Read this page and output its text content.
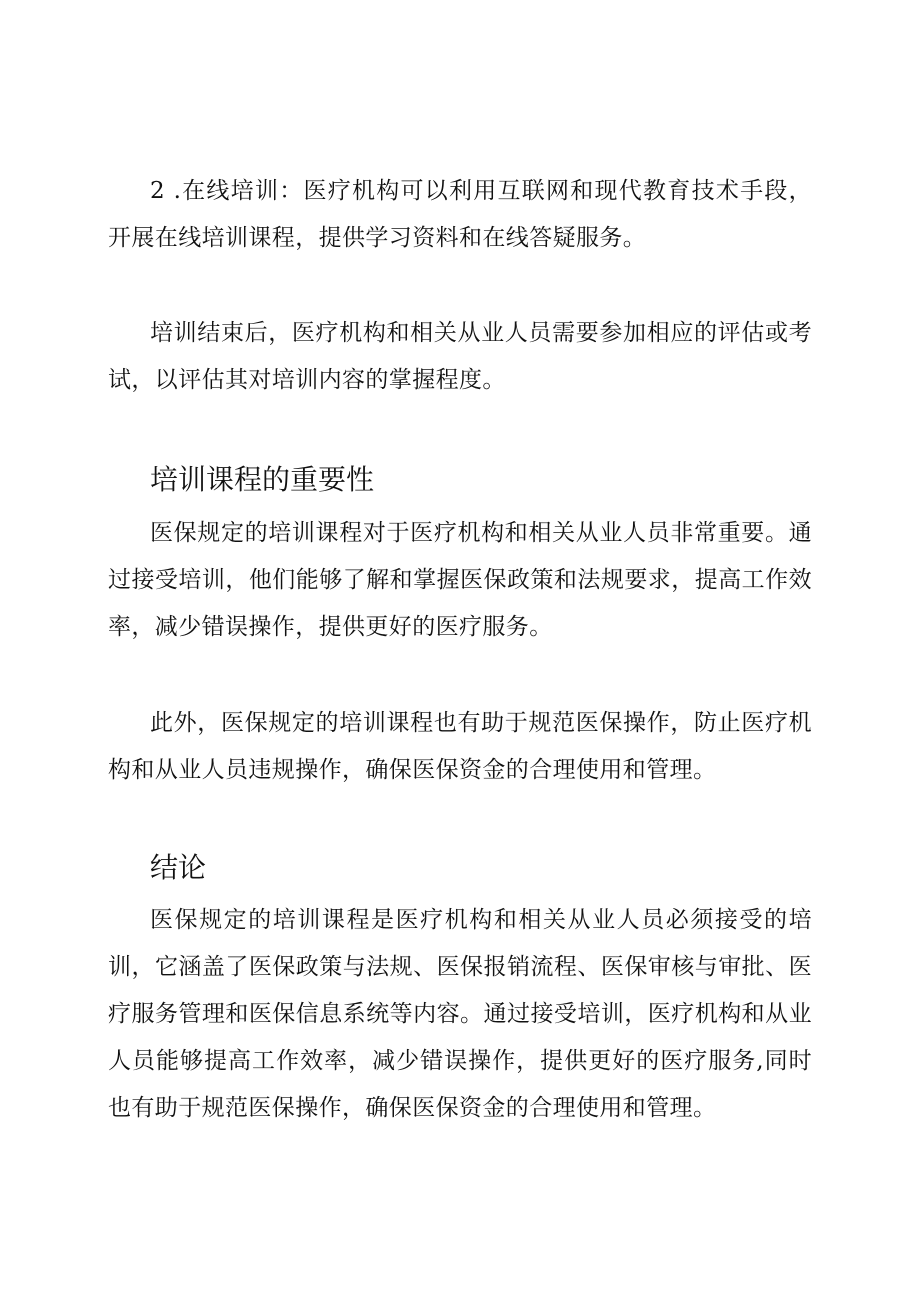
2 .在线培训：医疗机构可以利用互联网和现代教育技术手段，开展在线培训课程，提供学习资料和在线答疑服务。

培训结束后，医疗机构和相关从业人员需要参加相应的评估或考试，以评估其对培训内容的掌握程度。

培训课程的重要性

医保规定的培训课程对于医疗机构和相关从业人员非常重要。通过接受培训，他们能够了解和掌握医保政策和法规要求，提高工作效率，减少错误操作，提供更好的医疗服务。

此外，医保规定的培训课程也有助于规范医保操作，防止医疗机构和从业人员违规操作，确保医保资金的合理使用和管理。

结论

医保规定的培训课程是医疗机构和相关从业人员必须接受的培训，它涵盖了医保政策与法规、医保报销流程、医保审核与审批、医疗服务管理和医保信息系统等内容。通过接受培训，医疗机构和从业人员能够提高工作效率，减少错误操作，提供更好的医疗服务,同时也有助于规范医保操作，确保医保资金的合理使用和管理。
